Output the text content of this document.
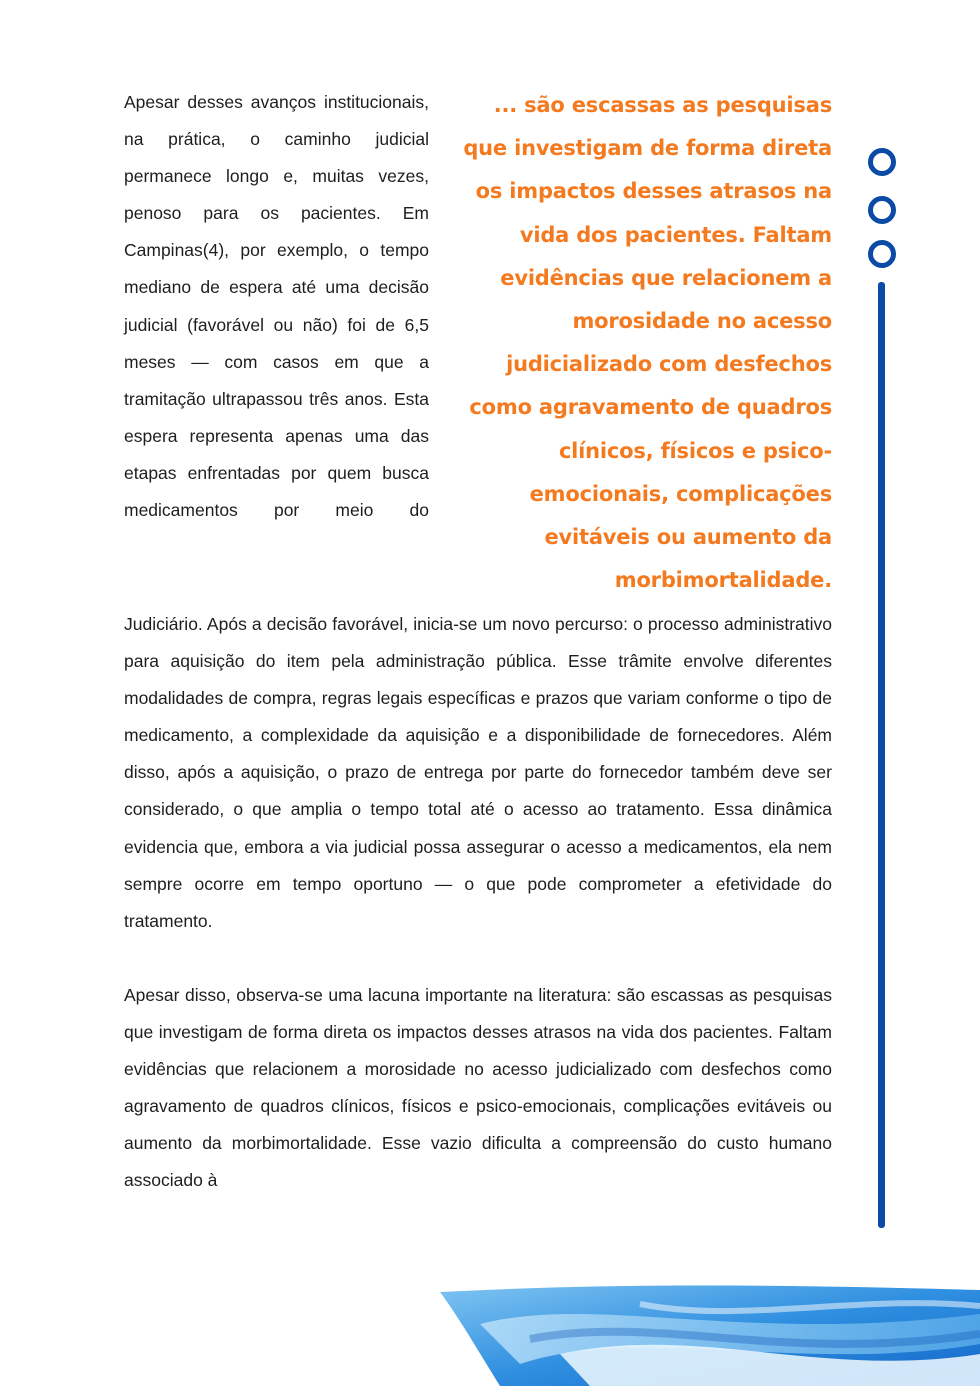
Apesar desses avanços institucionais, na prática, o caminho judicial permanece longo e, muitas vezes, penoso para os pacientes. Em Campinas(4), por exemplo, o tempo mediano de espera até uma decisão judicial (favorável ou não) foi de 6,5 meses — com casos em que a tramitação ultrapassou três anos. Esta espera representa apenas uma das etapas enfrentadas por quem busca medicamentos por meio do

... são escassas as pesquisas que investigam de forma direta os impactos desses atrasos na vida dos pacientes. Faltam evidências que relacionem a morosidade no acesso judicializado com desfechos como agravamento de quadros clínicos, físicos e psico-emocionais, complicações evitáveis ou aumento da morbimortalidade.

Judiciário. Após a decisão favorável, inicia-se um novo percurso: o processo administrativo para aquisição do item pela administração pública. Esse trâmite envolve diferentes modalidades de compra, regras legais específicas e prazos que variam conforme o tipo de medicamento, a complexidade da aquisição e a disponibilidade de fornecedores. Além disso, após a aquisição, o prazo de entrega por parte do fornecedor também deve ser considerado, o que amplia o tempo total até o acesso ao tratamento. Essa dinâmica evidencia que, embora a via judicial possa assegurar o acesso a medicamentos, ela nem sempre ocorre em tempo oportuno — o que pode comprometer a efetividade do tratamento.

Apesar disso, observa-se uma lacuna importante na literatura: são escassas as pesquisas que investigam de forma direta os impactos desses atrasos na vida dos pacientes. Faltam evidências que relacionem a morosidade no acesso judicializado com desfechos como agravamento de quadros clínicos, físicos e psico-emocionais, complicações evitáveis ou aumento da morbimortalidade. Esse vazio dificulta a compreensão do custo humano associado à
